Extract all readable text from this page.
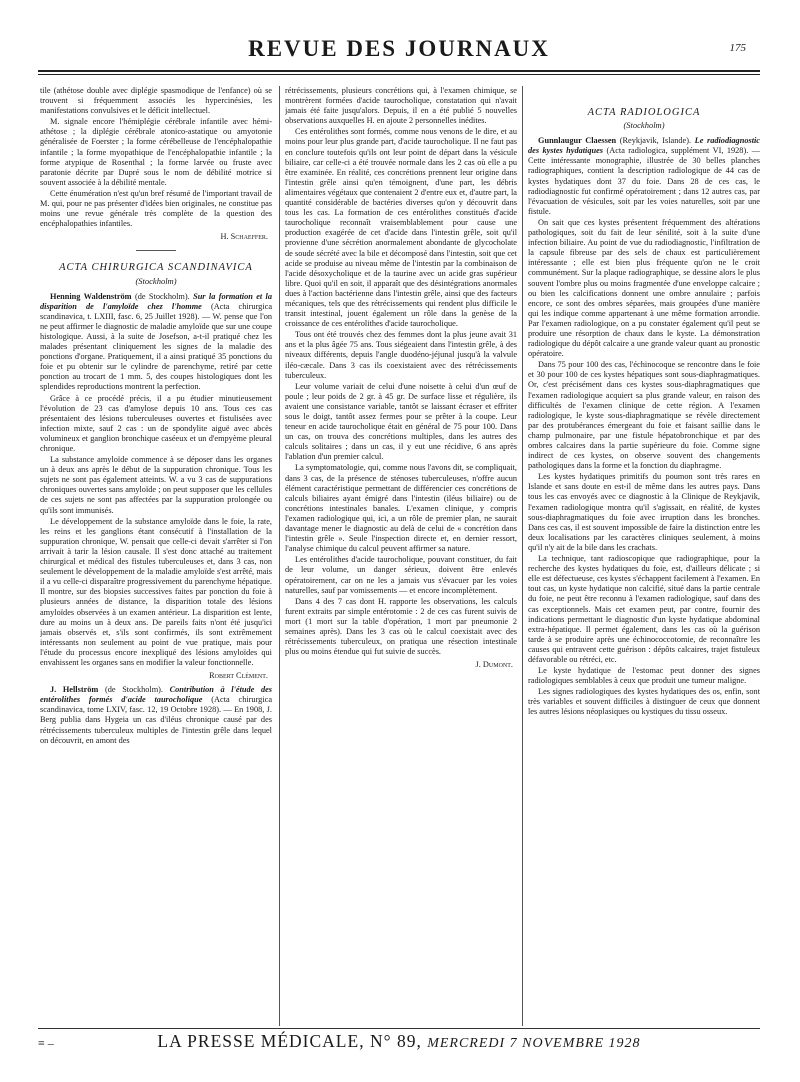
REVUE DES JOURNAUX	175

tile (athétose double avec diplégie spasmodique de l'enfance) où se trouvent si fréquemment associés les hypercinésies, les manifestations convulsives et le déficit intellectuel.

M. signale encore l'hémiplégie cérébrale infantile avec hémi-athétose ; la diplégie cérébrale atonico-astatique ou amyotonie généralisée de Foerster ; la forme cérébelleuse de l'encéphalopathie infantile ; la forme myopathique de l'encéphalopathie infantile ; la forme atypique de Rosenthal ; la forme larvée ou fruste avec paratonie décrite par Dupré sous le nom de débilité motrice si souvent associée à la débilité mentale.

Cette énumération n'est qu'un bref résumé de l'important travail de M. qui, pour ne pas présenter d'idées bien originales, ne constitue pas moins une revue générale très complète de la question des encéphalopathies infantiles.

H. Schaeffer.
ACTA CHIRURGICA SCANDINAVICA
(Stockholm)

Henning Waldenström (de Stockholm). Sur la formation et la disparition de l'amyloïde chez l'homme (Acta chirurgica scandinavica, t. LXIII, fasc. 6, 25 Juillet 1928). — W. pense que l'on ne peut affirmer le diagnostic de maladie amyloïde que sur une coupe histologique. Aussi, à la suite de Josefson, a-t-il pratiqué chez les malades présentant cliniquement les signes de la maladie des ponctions d'organe. Pratiquement, il a ainsi pratiqué 35 ponctions du foie et pu obtenir sur le cylindre de parenchyme, retiré par cette ponction au trocart de 1 mm. 5, des coupes histologiques dont les splendides reproductions montrent la perfection.

Grâce à ce procédé précis, il a pu étudier minutieusement l'évolution de 23 cas d'amylose depuis 10 ans. Tous ces cas présentaient des lésions tuberculeuses ouvertes et fistulisées avec infection mixte, sauf 2 cas : un de spondylite aiguë avec abcès volumineux et ganglion bronchique caséeux et un d'empyème pleural chronique.

La substance amyloïde commence à se déposer dans les organes un à deux ans après le début de la suppuration chronique. Tous les sujets ne sont pas également atteints. W. a vu 3 cas de suppurations chroniques ouvertes sans amyloïde ; on peut supposer que les cellules de ces sujets ne sont pas affectées par la suppuration prolongée ou qu'ils sont immunisés.

Le développement de la substance amyloïde dans le foie, la rate, les reins et les ganglions étant consécutif à l'installation de la suppuration chronique, W. pensait que celle-ci devait s'arrêter si l'on arrivait à tarir la lésion causale. Il s'est donc attaché au traitement chirurgical et médical des fistules tuberculeuses et, dans 3 cas, non seulement le développement de la maladie amyloïde s'est arrêté, mais il a vu celle-ci disparaître progressivement du parenchyme hépatique. Il montre, sur des biopsies successives faites par ponction du foie à plusieurs années de distance, la disparition totale des lésions amyloïdes observées à un examen antérieur. La disparition est lente, dure au moins un à deux ans. De pareils faits n'ont été jusqu'ici jamais observés et, s'ils sont confirmés, ils sont extrêmement intéressants non seulement au point de vue pratique, mais pour l'étude du processus encore inexpliqué des lésions amyloïdes qui envahissent les organes sans en modifier la valeur fonctionnelle.

Robert Clément.

J. Hellström (de Stockholm). Contribution à l'étude des entérolithes formés d'acide taurocholique (Acta chirurgica scandinavica, tome LXIV, fasc. 12, 19 Octobre 1928). — En 1908, J. Berg publia dans Hygeia un cas d'iléus chronique causé par des rétrécissements tuberculeux multiples de l'intestin grêle dans lequel on découvrit, en amont des

rétrécissements, plusieurs concrétions qui, à l'examen chimique, se montrèrent formées d'acide taurocholique, constatation qui n'avait jamais été faite jusqu'alors. Depuis, il en a été publié 5 nouvelles observations auxquelles H. en ajoute 2 personnelles inédites.

Ces entérolithes sont formés, comme nous venons de le dire, et au moins pour leur plus grande part, d'acide taurocholique. Il ne faut pas en conclure toutefois qu'ils ont leur point de départ dans la vésicule biliaire, car celle-ci a été trouvée normale dans les 2 cas où elle a pu être examinée. En réalité, ces concrétions prennent leur origine dans l'intestin grêle ainsi qu'en témoignent, d'une part, les débris alimentaires végétaux que contenaient 2 d'entre eux et, d'autre part, la quantité considérable de bactéries diverses qu'on y découvrit dans tous les cas. La formation de ces entérolithes constitués d'acide taurocholique reconnaît vraisemblablement pour cause une production exagérée de cet d'acide dans l'intestin grêle, soit qu'il provienne d'une sécrétion anormalement abondante de glycocholate de soude sécrété avec la bile et décomposé dans l'intestin, soit que cet acide se produise au niveau même de l'intestin par la combinaison de l'acide désoxycholique et de la taurine avec un acide gras supérieur libre. Quoi qu'il en soit, il apparaît que des désintégrations anormales dues à l'action bactérienne dans l'intestin grêle, ainsi que des facteurs mécaniques, tels que des rétrécissements qui rendent plus difficile le transit intestinal, jouent également un rôle dans la genèse de la croissance de ces entérolithes d'acide taurocholique.

Tous ont été trouvés chez des femmes dont la plus jeune avait 31 ans et la plus âgée 75 ans. Tous siégeaient dans l'intestin grêle, à des niveaux différents, depuis l'angle duodéno-jéjunal jusqu'à la valvule iléo-cæcale. Dans 3 cas ils coexistaient avec des rétrécissements tuberculeux.

Leur volume variait de celui d'une noisette à celui d'un œuf de poule ; leur poids de 2 gr. à 45 gr. De surface lisse et régulière, ils avaient une consistance variable, tantôt se laissant écraser et effriter sous le doigt, tantôt assez fermes pour se prêter à la coupe. Leur teneur en acide taurocholique était en général de 75 pour 100. Dans un cas, on trouva des concrétions multiples, dans les autres des calculs solitaires ; dans un cas, il y eut une récidive, 6 ans après l'ablation d'un premier calcul.

La symptomatologie, qui, comme nous l'avons dit, se compliquait, dans 3 cas, de la présence de sténoses tuberculeuses, n'offre aucun élément caractéristique permettant de différencier ces concrétions de calculs biliaires ayant émigré dans l'intestin (iléus biliaire) ou de concrétions intestinales banales. L'examen clinique, y compris l'examen radiologique qui, ici, a un rôle de premier plan, ne saurait davantage mener le diagnostic au delà de celui de « concrétion dans l'intestin grêle ». Seule l'inspection directe et, en dernier ressort, l'analyse chimique du calcul peuvent affirmer sa nature.

Les entérolithes d'acide taurocholique, pouvant constituer, du fait de leur volume, un danger sérieux, doivent être enlevés opératoirement, car on ne les a jamais vus s'évacuer par les voies naturelles, sauf par vomissements — et encore incomplètement.

Dans 4 des 7 cas dont H. rapporte les observations, les calculs furent extraits par simple entérotomie : 2 de ces cas furent suivis de mort (1 mort sur la table d'opération, 1 mort par pneumonie 2 semaines après). Dans les 3 cas où le calcul coexistait avec des rétrécissements tuberculeux, on pratiqua une résection intestinale plus ou moins étendue qui fut suivie de succès.

J. Dumont.
ACTA RADIOLOGICA
(Stockholm)

Gunnlaugur Claessen (Reykjavik, Islande). Le radiodiagnostic des kystes hydatiques (Acta radiologica, supplément VI, 1928). — Cette intéressante monographie, illustrée de 30 belles planches radiographiques, contient la description radiologique de 44 cas de kystes hydatiques dont 37 du foie. Dans 28 de ces cas, le radiodiagnostic fut confirmé opératoirement ; dans 12 autres cas, par l'évacuation de vésicules, soit par les voies naturelles, soit par une fistule.

On sait que ces kystes présentent fréquemment des altérations pathologiques, soit du fait de leur sénilité, soit à la suite d'une infection biliaire. Au point de vue du radiodiagnostic, l'infiltration de la capsule fibreuse par des sels de chaux est particulièrement intéressante ; elle est bien plus fréquente qu'on ne le croit communément. Sur la plaque radiographique, se dessine alors le plus souvent l'ombre plus ou moins fragmentée d'une enveloppe calcaire ; ou bien les calcifications donnent une ombre annulaire ; parfois encore, ce sont des ombres séparées, mais groupées d'une manière qui les indique comme appartenant à une même formation arrondie. Par l'examen radiologique, on a pu constater également qu'il peut se produire une résorption de chaux dans le kyste. La démonstration radiologique du dépôt calcaire a une grande valeur quant au pronostic opératoire.

Dans 75 pour 100 des cas, l'échinocoque se rencontre dans le foie et 30 pour 100 de ces kystes hépatiques sont sous-diaphragmatiques. Or, c'est précisément dans ces kystes sous-diaphragmatiques que l'examen radiologique acquiert sa plus grande valeur, en raison des difficultés de l'examen clinique de cette région. A l'examen radiologique, le kyste sous-diaphragmatique se révèle directement par des protubérances émergeant du foie et faisant saillie dans le champ pulmonaire, par une fistule hépatobronchique et par des ombres calcaires dans la partie supérieure du foie. Comme signe indirect de ces kystes, on observe souvent des changements pathologiques dans la forme et la fonction du diaphragme.

Les kystes hydatiques primitifs du poumon sont très rares en Islande et sans doute en est-il de même dans les autres pays. Dans tous les cas envoyés avec ce diagnostic à la Clinique de Reykjavik, l'examen radiologique montra qu'il s'agissait, en réalité, de kystes sous-diaphragmatiques du foie avec irruption dans les bronches. Dans ces cas, il est souvent impossible de faire la distinction entre les deux localisations par les caractères cliniques seulement, à moins qu'il n'y ait de la bile dans les crachats.

La technique, tant radioscopique que radiographique, pour la recherche des kystes hydatiques du foie, est, d'ailleurs délicate ; si elle est défectueuse, ces kystes s'échappent facilement à l'examen. En tout cas, un kyste hydatique non calcifié, situé dans la partie centrale du foie, ne peut être reconnu à l'examen radiologique, sauf dans des cas exceptionnels. Mais cet examen peut, par contre, fournir des indications permettant le diagnostic d'un kyste hydatique abdominal extra-hépatique. Il permet également, dans les cas où la guérison tarde à se produire après une échinococcotomie, de reconnaître les causes qui entravent cette guérison : dépôts calcaires, trajet fistuleux défavorable ou rétréci, etc.

Le kyste hydatique de l'estomac peut donner des signes radiologiques semblables à ceux que produit une tumeur maligne.

Les signes radiologiques des kystes hydatiques des os, enfin, sont très variables et souvent difficiles à distinguer de ceux que donnent les autres lésions néoplasiques ou kystiques du tissu osseux.

≡ –	LA PRESSE MÉDICALE, N° 89, MERCREDI 7 NOVEMBRE 1928
